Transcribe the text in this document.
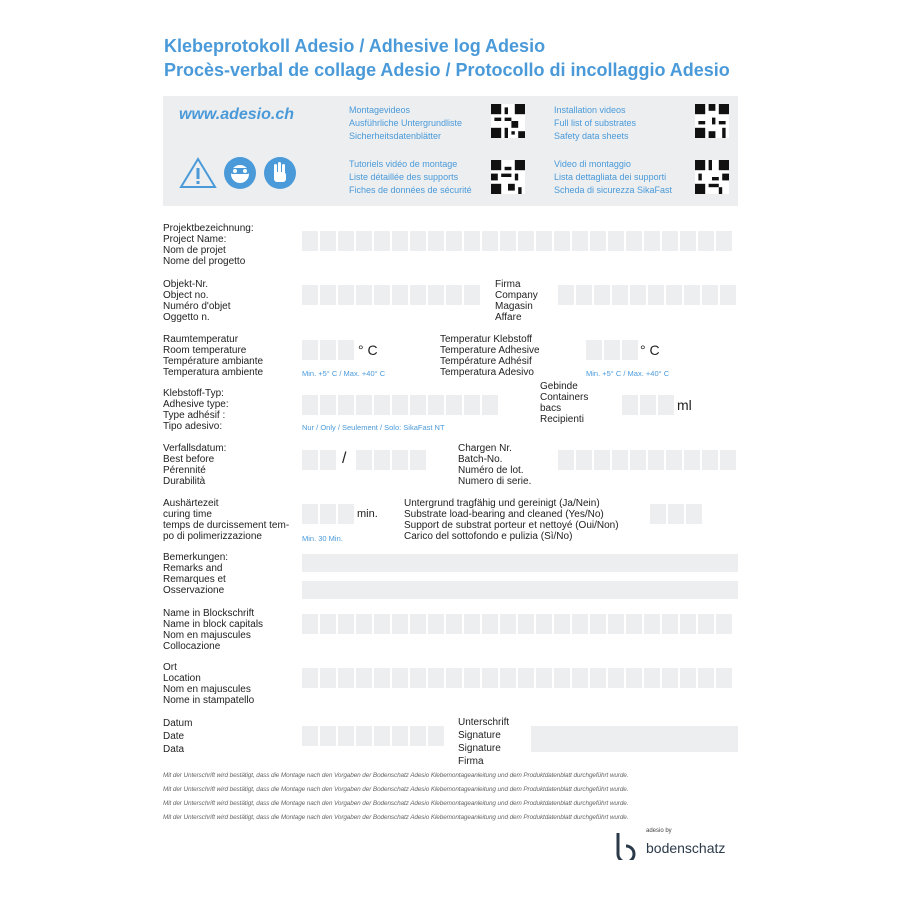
Klebeprotokoll Adesio / Adhesive log Adesio
Procès-verbal de collage Adesio / Protocollo di incollaggio Adesio
www.adesio.ch	Montagevideos
Ausführliche Untergrundliste
Sicherheitsdatenblätter
Installation videos
Full list of substrates
Safety data sheets
Tutoriels vidéo de montage
Liste détaillée des supports
Fiches de données de sécurité
Video di montaggio
Lista dettagliata dei supporti
Scheda di sicurezza SikaFast
Projektbezeichnung:
Project Name:
Nom de projet
Nome del progetto
Objekt-Nr.
Object no.
Numéro d'objet
Oggetto n.
Firma
Company
Magasin
Affare
Raumtemperatur
Room temperature
Température ambiante
Temperatura ambiente
° C
Min. +5° C / Max. +40° C
Temperatur Klebstoff
Temperature Adhesive
Température Adhésif
Temperatura Adesivo
° C
Min. +5° C / Max. +40° C
Klebstoff-Typ:
Adhesive type:
Type adhésif :
Tipo adesivo:	Nur / Only / Seulement / Solo: SikaFast NT
Gebinde
Containers
bacs
Recipienti
ml
Verfallsdatum:
Best before
Pérennité
Durabilità
/
Chargen Nr.
Batch-No.
Numéro de lot.
Numero di serie.
Aushärtezeit
curing time
temps de durcissement tem-
po di polimerizzazione
min.
Min. 30 Min.
Untergrund tragfähig und gereinigt (Ja/Nein)
Substrate load-bearing and cleaned (Yes/No)
Support de substrat porteur et nettoyé (Oui/Non)
Carico del sottofondo e pulizia (Sì/No)
Bemerkungen:
Remarks and
Remarques et
Osservazione
Name in Blockschrift
Name in block capitals
Nom en majuscules
Collocazione
Ort
Location
Nom en majuscules
Nome in stampatello
Datum
Date
Data
Unterschrift
Signature
Signature
Firma
Mit der Unterschrift wird bestätigt, dass die Montage nach den Vorgaben der Bodenschatz Adesio Klebemontageanleitung und dem Produktdatenblatt durchgeführt wurde.
Mit der Unterschrift wird bestätigt, dass die Montage nach den Vorgaben der Bodenschatz Adesio Klebemontageanleitung und dem Produktdatenblatt durchgeführt wurde.
Mit der Unterschrift wird bestätigt, dass die Montage nach den Vorgaben der Bodenschatz Adesio Klebemontageanleitung und dem Produktdatenblatt durchgeführt wurde.
Mit der Unterschrift wird bestätigt, dass die Montage nach den Vorgaben der Bodenschatz Adesio Klebemontageanleitung und dem Produktdatenblatt durchgeführt wurde.
adesio by
bodenschatz
